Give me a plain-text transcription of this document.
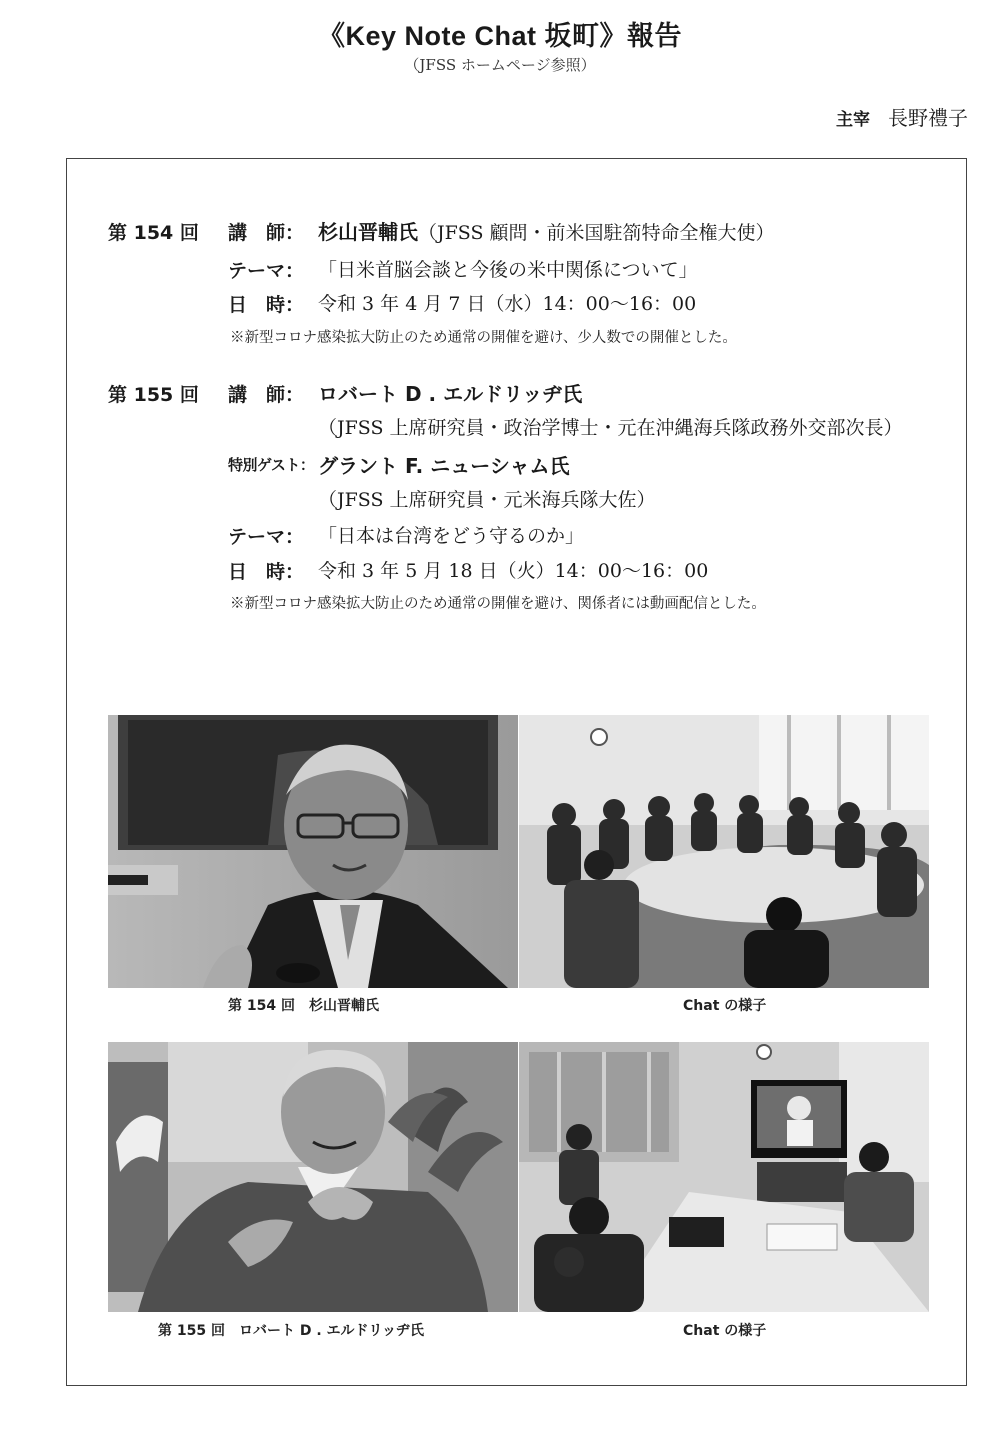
《Key Note Chat 坂町》報告
（JFSS ホームページ参照）
主宰 長野禮子
第 154 回 講　師： 杉山晋輔氏（JFSS 顧問・前米国駐箚特命全権大使）
テーマ： 「日米首脳会談と今後の米中関係について」
日　時： 令和 3 年 4 月 7 日（水）14：00～16：00
※新型コロナ感染拡大防止のため通常の開催を避け、少人数での開催とした。
第 155 回 講　師： ロバート D . エルドリッヂ氏
（JFSS 上席研究員・政治学博士・元在沖縄海兵隊政務外交部次長）
特別ゲスト： グラント F. ニューシャム氏
（JFSS 上席研究員・元米海兵隊大佐）
テーマ： 「日本は台湾をどう守るのか」
日　時： 令和 3 年 5 月 18 日（火）14：00～16：00
※新型コロナ感染拡大防止のため通常の開催を避け、関係者には動画配信とした。
第 154 回　杉山晋輔氏	Chat の様子
第 155 回　ロバート D . エルドリッヂ氏	Chat の様子
